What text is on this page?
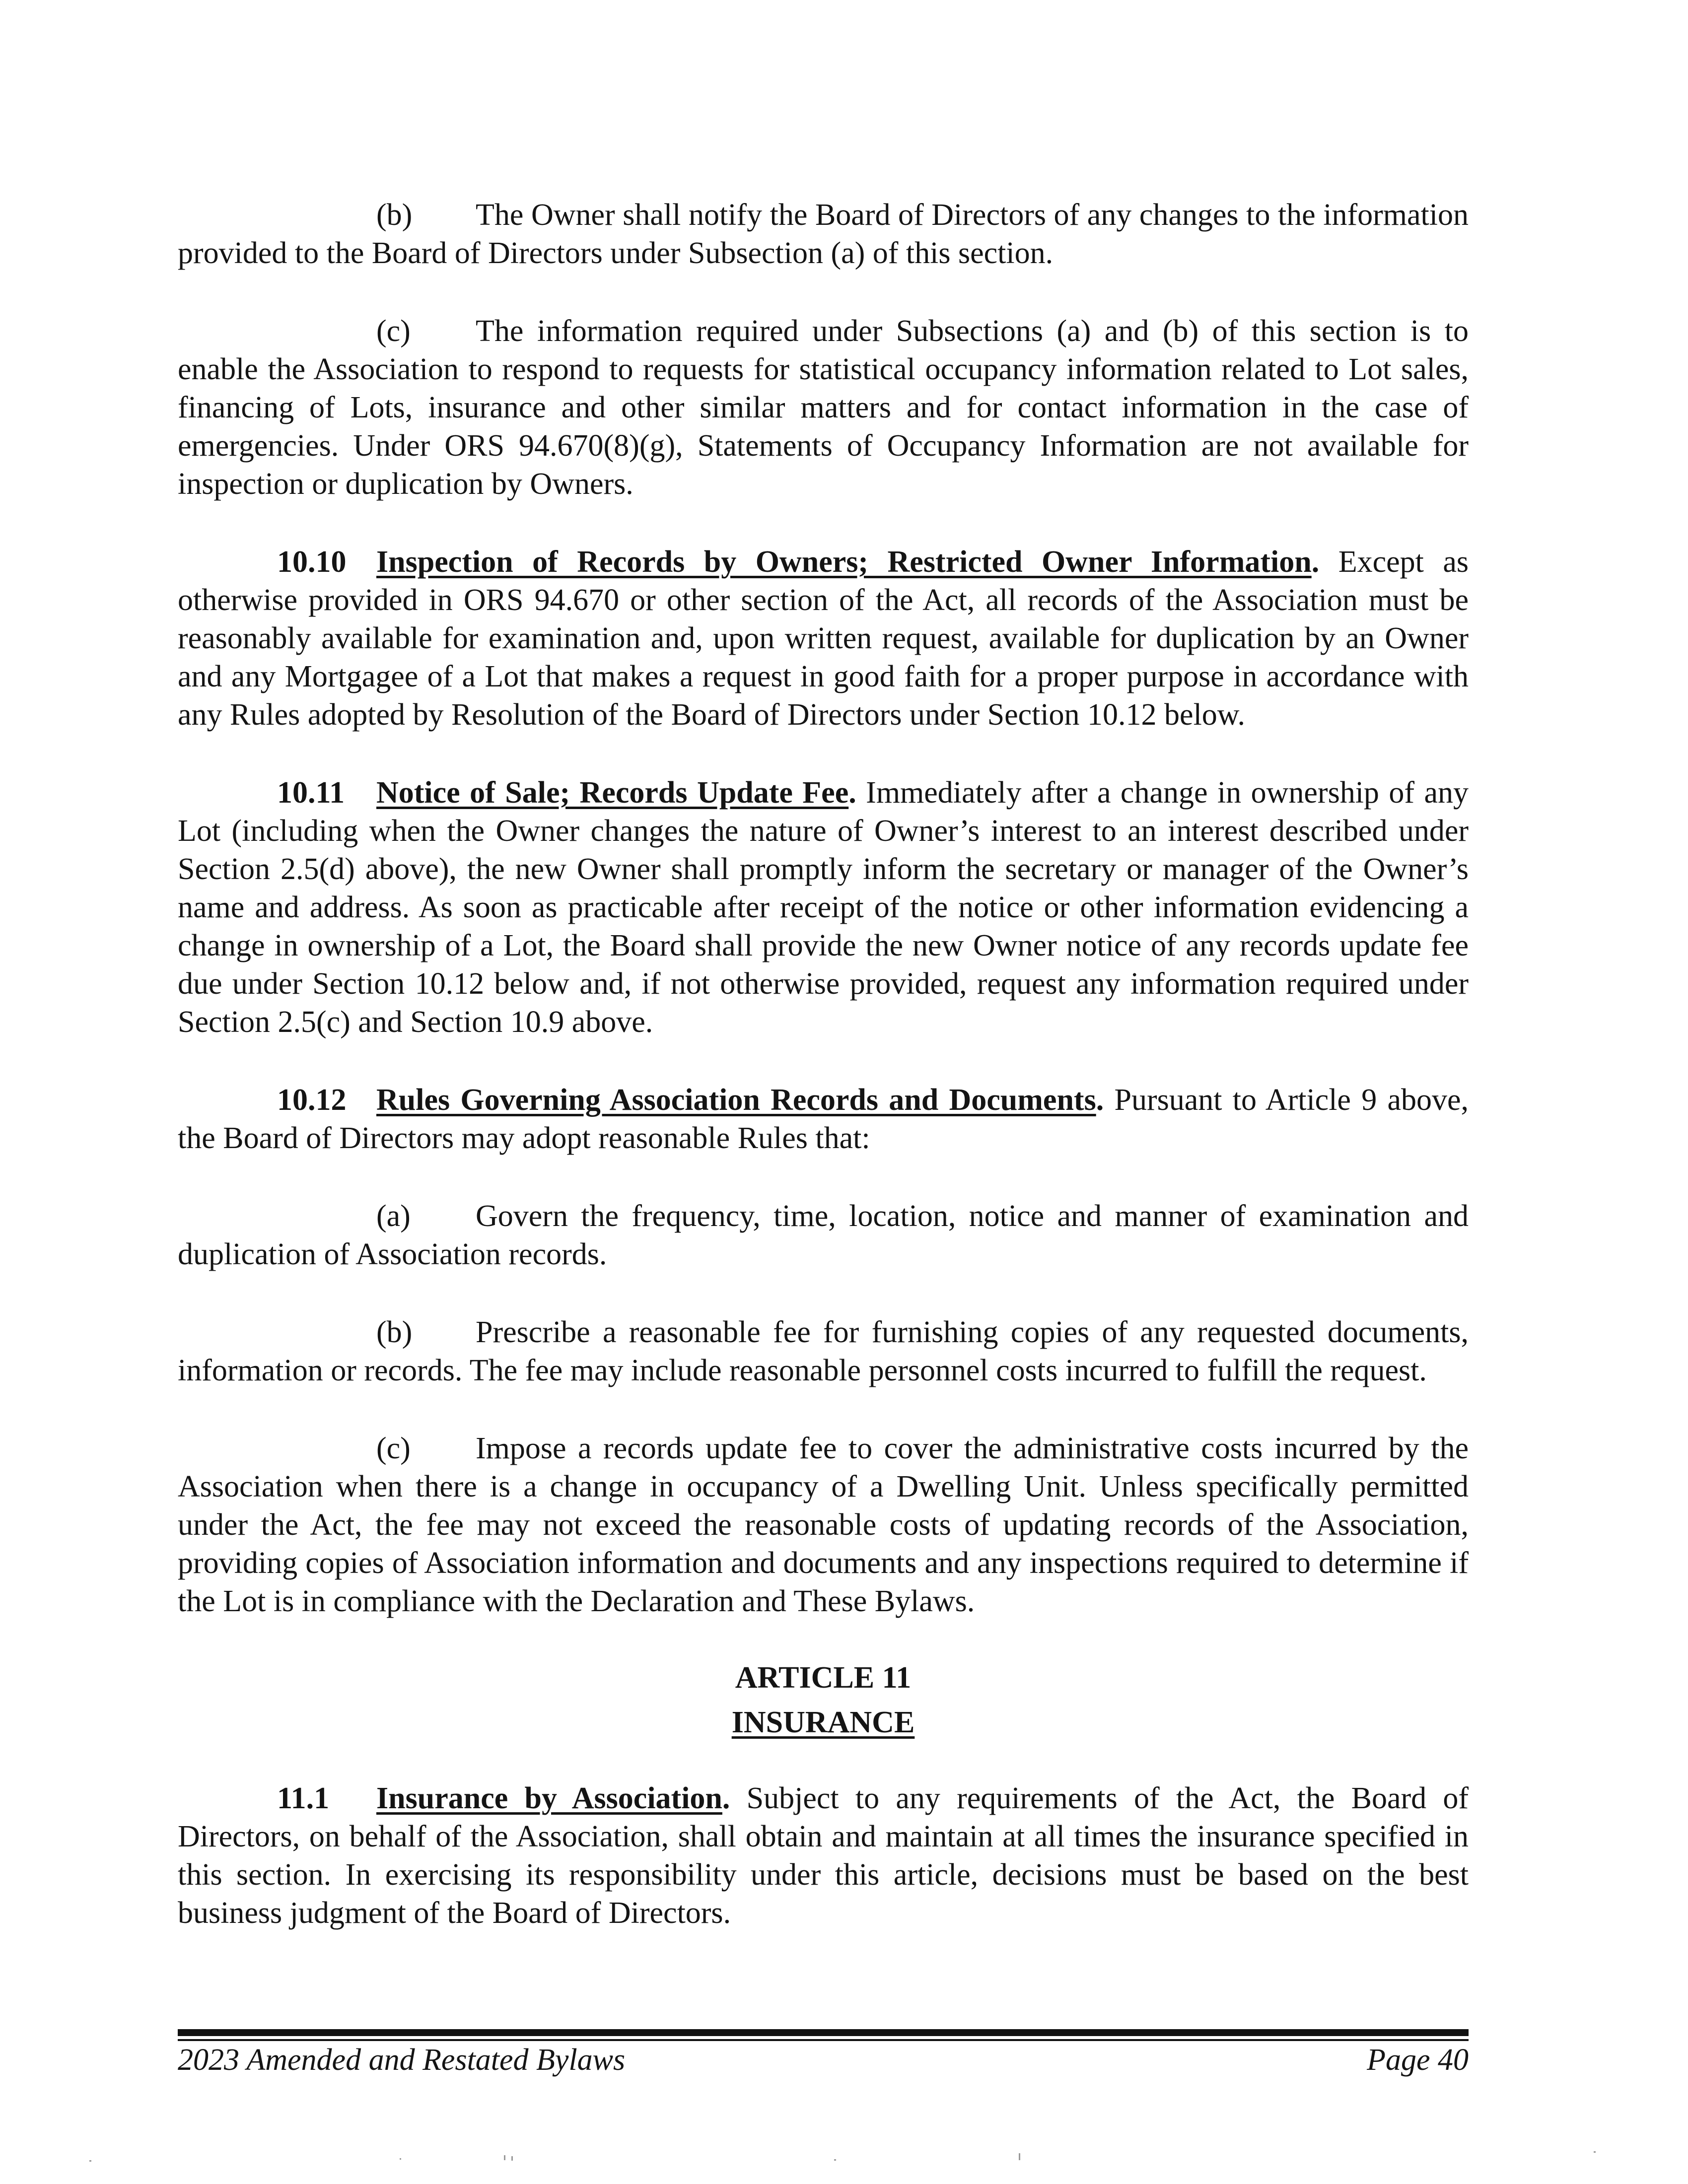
(b) The Owner shall notify the Board of Directors of any changes to the information provided to the Board of Directors under Subsection (a) of this section.

(c) The information required under Subsections (a) and (b) of this section is to enable the Association to respond to requests for statistical occupancy information related to Lot sales, financing of Lots, insurance and other similar matters and for contact information in the case of emergencies. Under ORS 94.670(8)(g), Statements of Occupancy Information are not available for inspection or duplication by Owners.

10.10 Inspection of Records by Owners; Restricted Owner Information. Except as otherwise provided in ORS 94.670 or other section of the Act, all records of the Association must be reasonably available for examination and, upon written request, available for duplication by an Owner and any Mortgagee of a Lot that makes a request in good faith for a proper purpose in accordance with any Rules adopted by Resolution of the Board of Directors under Section 10.12 below.

10.11 Notice of Sale; Records Update Fee. Immediately after a change in ownership of any Lot (including when the Owner changes the nature of Owner’s interest to an interest described under Section 2.5(d) above), the new Owner shall promptly inform the secretary or manager of the Owner’s name and address. As soon as practicable after receipt of the notice or other information evidencing a change in ownership of a Lot, the Board shall provide the new Owner notice of any records update fee due under Section 10.12 below and, if not otherwise provided, request any information required under Section 2.5(c) and Section 10.9 above.

10.12 Rules Governing Association Records and Documents. Pursuant to Article 9 above, the Board of Directors may adopt reasonable Rules that:

(a) Govern the frequency, time, location, notice and manner of examination and duplication of Association records.

(b) Prescribe a reasonable fee for furnishing copies of any requested documents, information or records. The fee may include reasonable personnel costs incurred to fulfill the request.

(c) Impose a records update fee to cover the administrative costs incurred by the Association when there is a change in occupancy of a Dwelling Unit. Unless specifically permitted under the Act, the fee may not exceed the reasonable costs of updating records of the Association, providing copies of Association information and documents and any inspections required to determine if the Lot is in compliance with the Declaration and These Bylaws.

ARTICLE 11
INSURANCE

11.1 Insurance by Association. Subject to any requirements of the Act, the Board of Directors, on behalf of the Association, shall obtain and maintain at all times the insurance specified in this section. In exercising its responsibility under this article, decisions must be based on the best business judgment of the Board of Directors.

2023 Amended and Restated Bylaws	Page 40
